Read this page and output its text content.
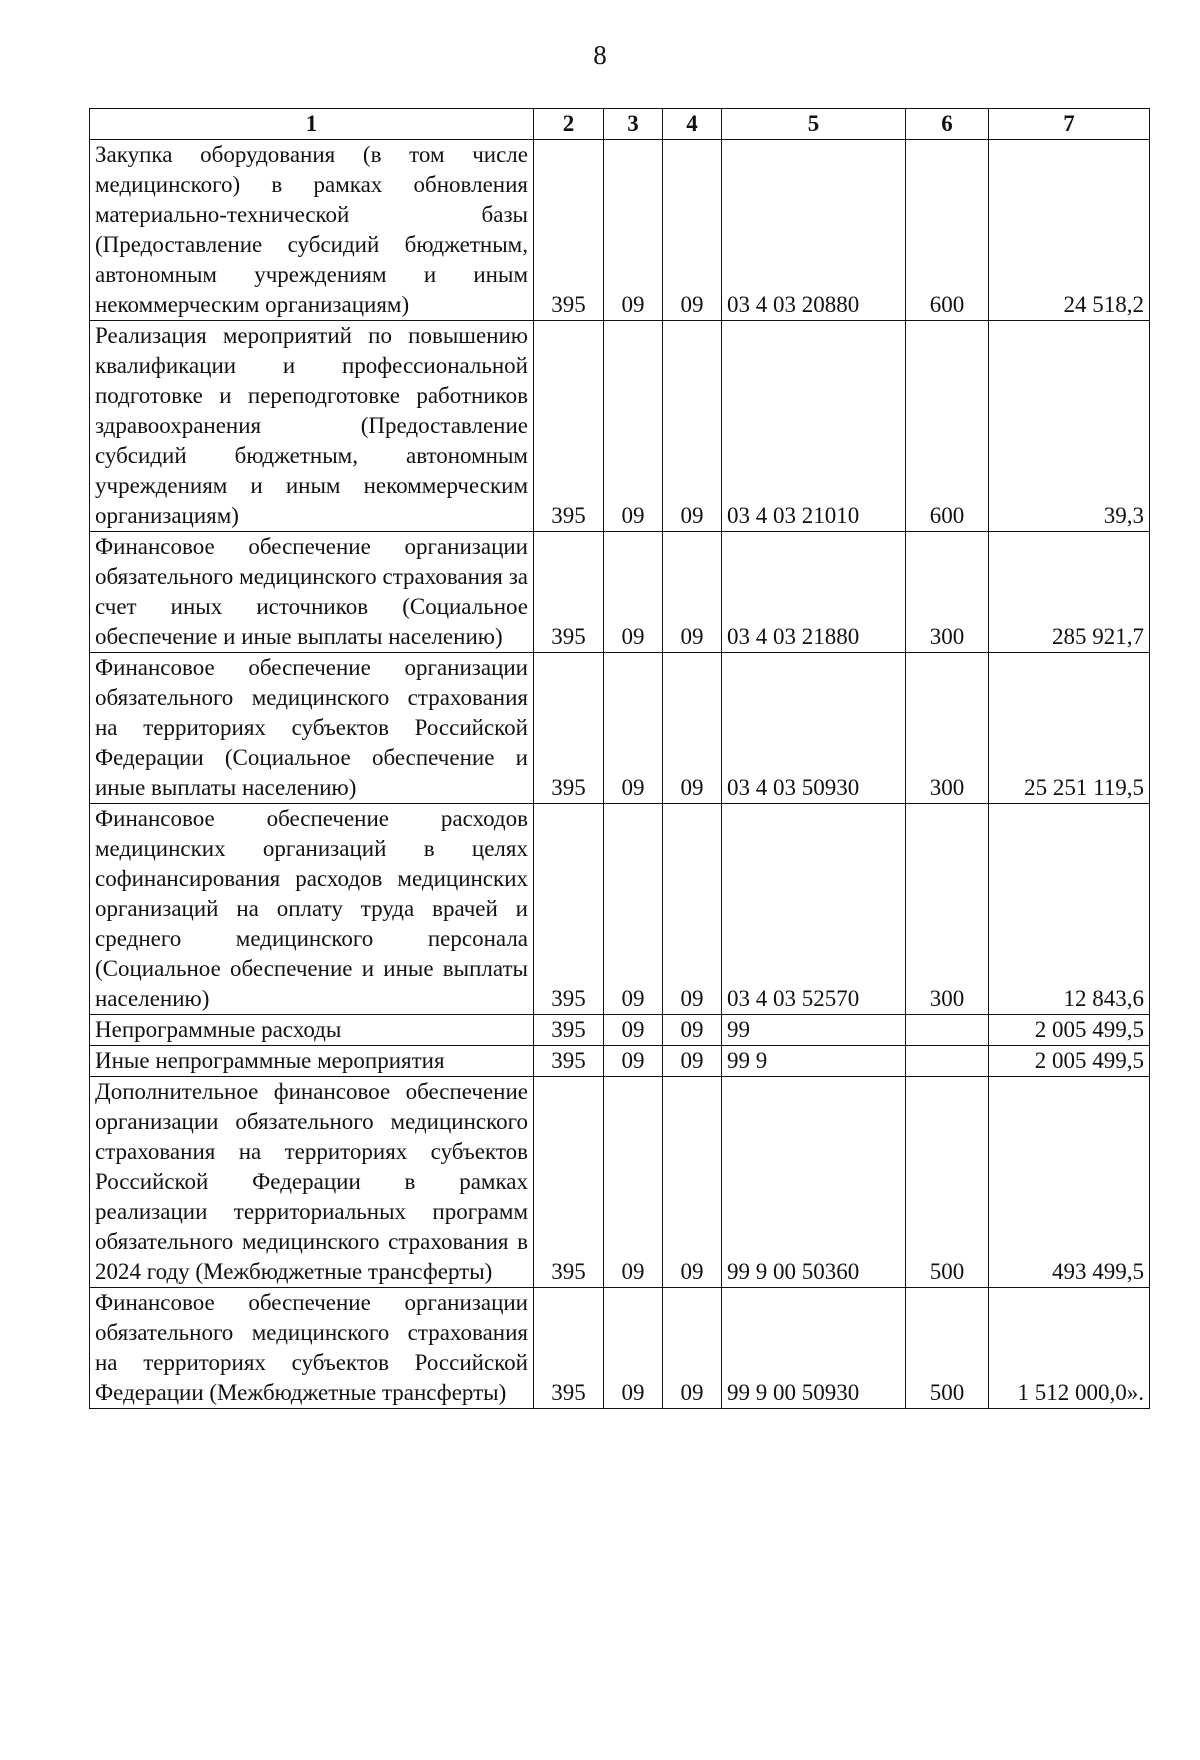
8
1	2	3	4	5	6	7
Закупка оборудования (в том числе медицинского) в рамках обновления материально-технической базы (Предоставление субсидий бюджетным, автономным учреждениям и иным некоммерческим организациям)	395	09	09	03 4 03 20880	600	24 518,2
Реализация мероприятий по повышению квалификации и профессиональной подготовке и переподготовке работников здравоохранения (Предоставление субсидий бюджетным, автономным учреждениям и иным некоммерческим организациям)	395	09	09	03 4 03 21010	600	39,3
Финансовое обеспечение организации обязательного медицинского страхования за счет иных источников (Социальное обеспечение и иные выплаты населению)	395	09	09	03 4 03 21880	300	285 921,7
Финансовое обеспечение организации обязательного медицинского страхования на территориях субъектов Российской Федерации (Социальное обеспечение и иные выплаты населению)	395	09	09	03 4 03 50930	300	25 251 119,5
Финансовое обеспечение расходов медицинских организаций в целях софинансирования расходов медицинских организаций на оплату труда врачей и среднего медицинского персонала (Социальное обеспечение и иные выплаты населению)	395	09	09	03 4 03 52570	300	12 843,6
Непрограммные расходы	395	09	09	99		2 005 499,5
Иные непрограммные мероприятия	395	09	09	99 9		2 005 499,5
Дополнительное финансовое обеспечение организации обязательного медицинского страхования на территориях субъектов Российской Федерации в рамках реализации территориальных программ обязательного медицинского страхования в 2024 году (Межбюджетные трансферты)	395	09	09	99 9 00 50360	500	493 499,5
Финансовое обеспечение организации обязательного медицинского страхования на территориях субъектов Российской Федерации (Межбюджетные трансферты)	395	09	09	99 9 00 50930	500	1 512 000,0».
